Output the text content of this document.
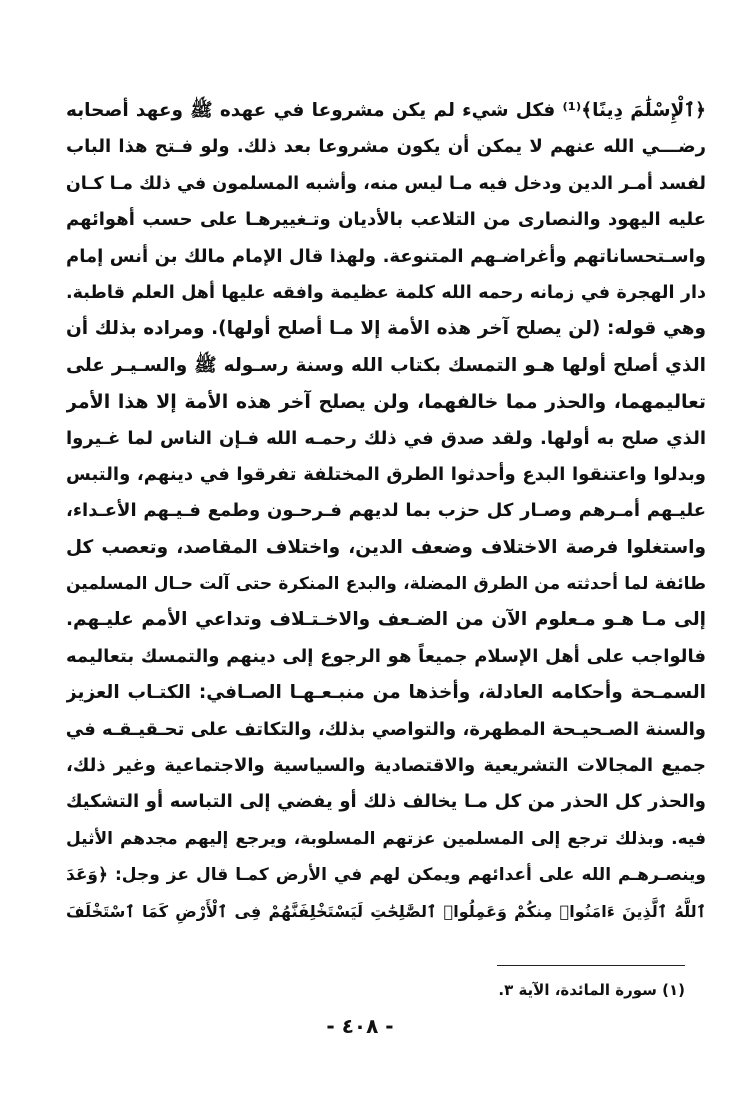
﴿ٱلْإِسْلَٰمَ دِينًا﴾⁽¹⁾ فكل شيء لم يكن مشروعا في عهده ﷺ وعهد أصحابه
رضـــي الله عنهم لا يمكن أن يكون مشروعا بعد ذلك. ولو فـتح هذا الباب
لفسد أمـر الدين ودخل فيه مـا ليس منه، وأشبه المسلمون في ذلك مـا كـان
عليه اليهود والنصارى من التلاعب بالأديان وتـغييرهـا على حسب أهوائهم
واسـتحساناتهم وأغراضـهم المتنوعة. ولهذا قال الإمام مالك بن أنس إمام
دار الهجرة في زمانه رحمه الله كلمة عظيمة وافقه عليها أهل العلم قاطبة.
وهي قوله: (لن يصلح آخر هذه الأمة إلا مـا أصلح أولها). ومراده بذلك أن
الذي أصلح أولها هـو التمسك بكتاب الله وسنة رسـوله ﷺ والسـيـر على
تعاليمهما، والحذر مما خالفهما، ولن يصلح آخر هذه الأمة إلا هذا الأمر
الذي صلح به أولها. ولقد صدق في ذلك رحمـه الله فـإن الناس لما غـيروا
وبدلوا واعتنقوا البدع وأحدثوا الطرق المختلفة تفرقوا في دينهم، والتبس
عليـهم أمـرهم وصـار كل حزب بما لديهم فـرحـون وطمع فـيـهم الأعـداء،
واستغلوا فرصة الاختلاف وضعف الدين، واختلاف المقاصد، وتعصب كل
طائفة لما أحدثته من الطرق المضلة، والبدع المنكرة حتى آلت حـال المسلمين
إلى مـا هـو مـعلوم الآن من الضـعف والاخـتـلاف وتداعي الأمم عليـهم.
فالواجب على أهل الإسلام جميعاً هو الرجوع إلى دينهم والتمسك بتعاليمه
السمـحة وأحكامه العادلة، وأخذها من منبـعـهـا الصـافي: الكتـاب العزيز
والسنة الصـحيـحة المطهرة، والتواصي بذلك، والتكاتف على تحـقيـقـه في
جميع المجالات التشريعية والاقتصادية والسياسية والاجتماعية وغير ذلك،
والحذر كل الحذر من كل مـا يخالف ذلك أو يفضي إلى التباسه أو التشكيك
فيه. وبذلك ترجع إلى المسلمين عزتهم المسلوبة، ويرجع إليهم مجدهم الأثيل
وينصـرهـم الله على أعدائهم ويمكن لهم في الأرض كمـا قال عز وجل: ﴿وَعَدَ
ٱللَّهُ ٱلَّذِينَ ءَامَنُوا۟ مِنكُمْ وَعَمِلُوا۟ ٱلصَّٰلِحَٰتِ لَيَسْتَخْلِفَنَّهُمْ فِى ٱلْأَرْضِ كَمَا ٱسْتَخْلَفَ
(١) سورة المائدة، الآية ٣.
- ٤٠٨ -
